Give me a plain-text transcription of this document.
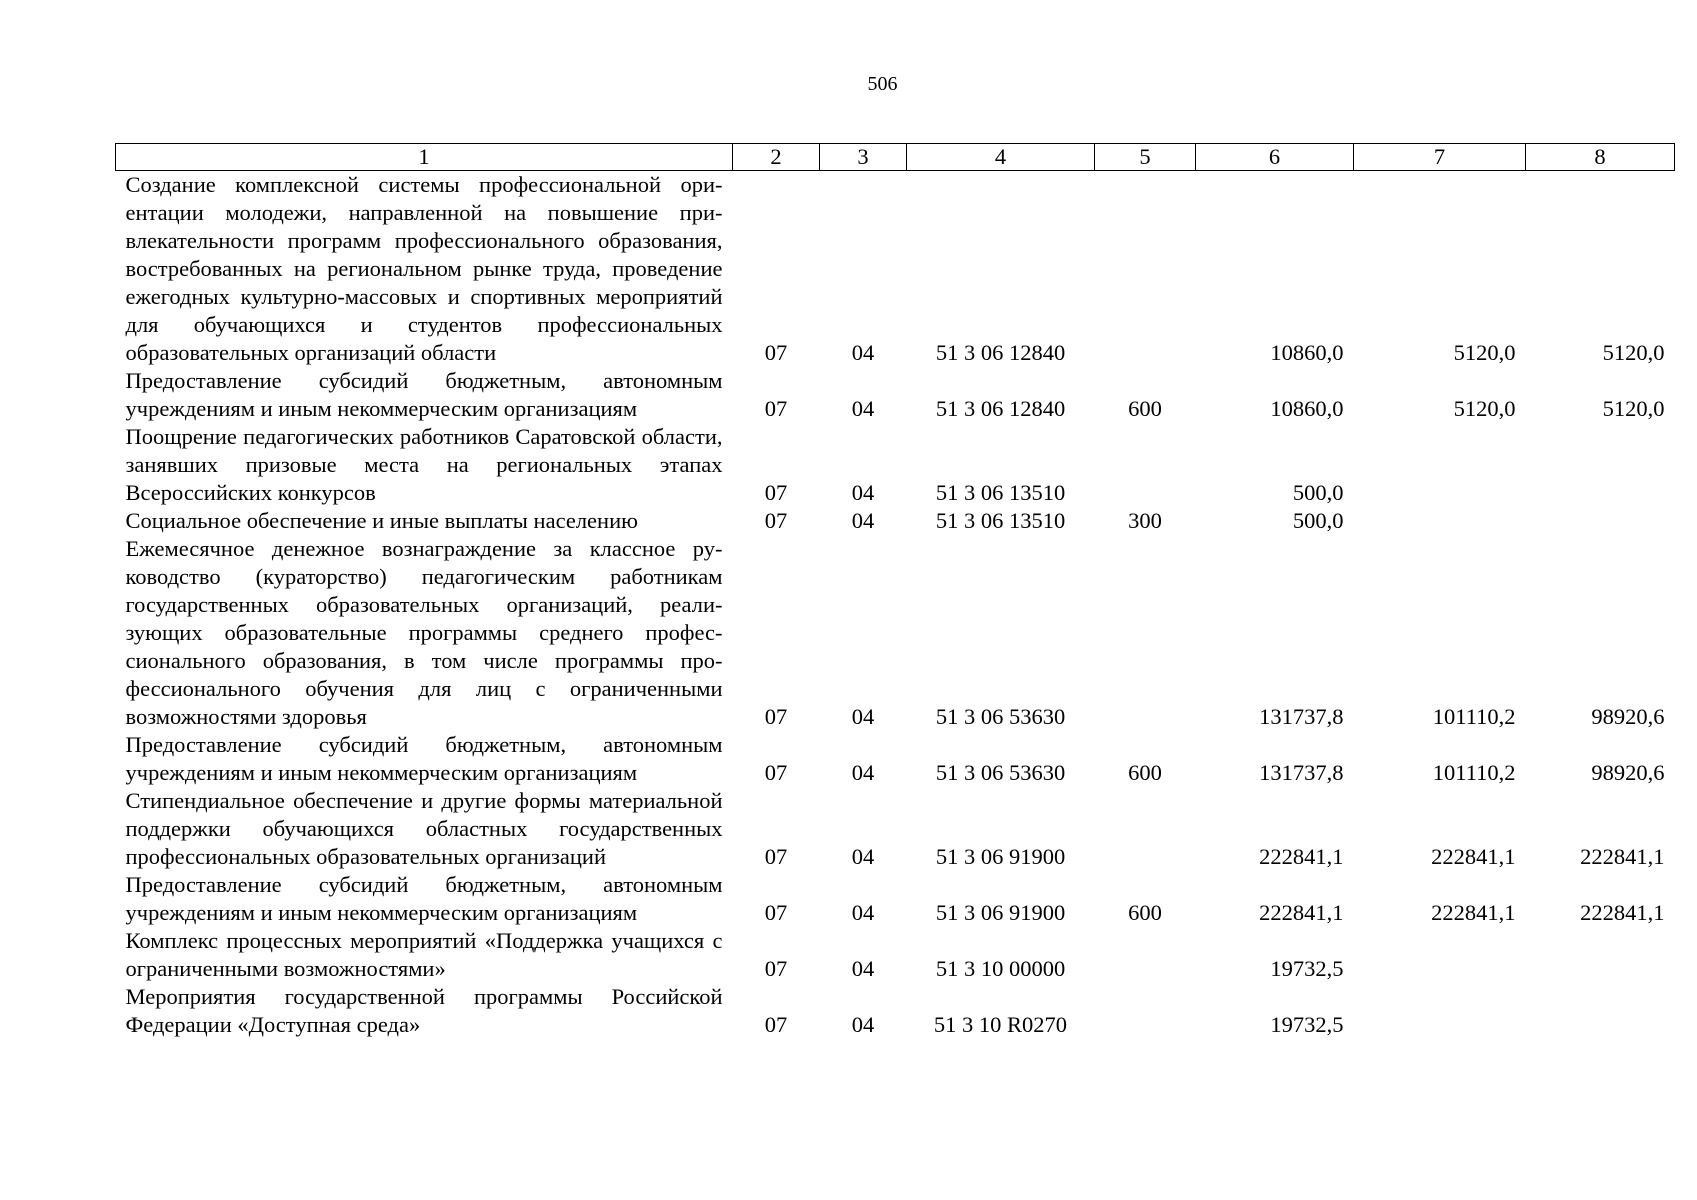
506
1	2	3	4	5	6	7	8
Создание комплексной системы профессиональной ориентации молодежи, направленной на повышение привлекательности программ профессионального образования, востребованных на региональном рынке труда, проведение ежегодных культурно-массовых и спортивных мероприятий для обучающихся и студентов профессиональных образовательных организаций области	07	04	51 3 06 12840		10860,0	5120,0	5120,0
Предоставление субсидий бюджетным, автономным учреждениям и иным некоммерческим организациям	07	04	51 3 06 12840	600	10860,0	5120,0	5120,0
Поощрение педагогических работников Саратовской области, занявших призовые места на региональных этапах Всероссийских конкурсов	07	04	51 3 06 13510		500,0		
Социальное обеспечение и иные выплаты населению	07	04	51 3 06 13510	300	500,0		
Ежемесячное денежное вознаграждение за классное руководство (кураторство) педагогическим работникам государственных образовательных организаций, реализующих образовательные программы среднего профессионального образования, в том числе программы профессионального обучения для лиц с ограниченными возможностями здоровья	07	04	51 3 06 53630		131737,8	101110,2	98920,6
Предоставление субсидий бюджетным, автономным учреждениям и иным некоммерческим организациям	07	04	51 3 06 53630	600	131737,8	101110,2	98920,6
Стипендиальное обеспечение и другие формы материальной поддержки обучающихся областных государственных профессиональных образовательных организаций	07	04	51 3 06 91900		222841,1	222841,1	222841,1
Предоставление субсидий бюджетным, автономным учреждениям и иным некоммерческим организациям	07	04	51 3 06 91900	600	222841,1	222841,1	222841,1
Комплекс процессных мероприятий «Поддержка учащихся с ограниченными возможностями»	07	04	51 3 10 00000		19732,5		
Мероприятия государственной программы Российской Федерации «Доступная среда»	07	04	51 3 10 R0270		19732,5		
